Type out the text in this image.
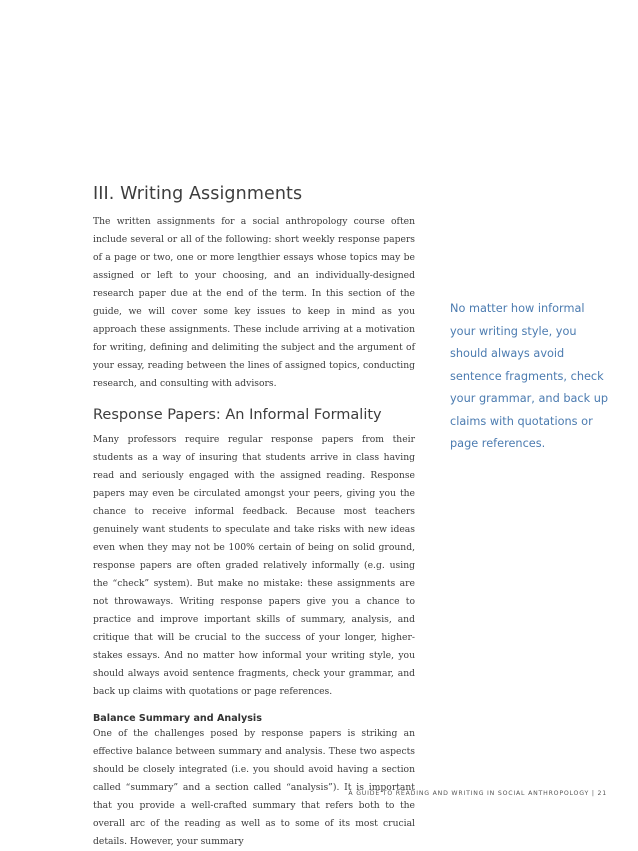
III. Writing Assignments

The written assignments for a social anthropology course often include several or all of the following: short weekly response papers of a page or two, one or more lengthier essays whose topics may be assigned or left to your choosing, and an individually-designed research paper due at the end of the term. In this section of the guide, we will cover some key issues to keep in mind as you approach these assignments. These include arriving at a motivation for writing, defining and delimiting the subject and the argument of your essay, reading between the lines of assigned topics, conducting research, and consulting with advisors.

Response Papers: An Informal Formality

Many professors require regular response papers from their students as a way of insuring that students arrive in class having read and seriously engaged with the assigned reading. Response papers may even be circulated amongst your peers, giving you the chance to receive informal feedback. Because most teachers genuinely want students to speculate and take risks with new ideas even when they may not be 100% certain of being on solid ground, response papers are often graded relatively informally (e.g. using the “check” system). But make no mistake: these assignments are not throwaways. Writing response papers give you a chance to practice and improve important skills of summary, analysis, and critique that will be crucial to the success of your longer, higher-stakes essays. And no matter how informal your writing style, you should always avoid sentence fragments, check your grammar, and back up claims with quotations or page references.

Balance Summary and Analysis

One of the challenges posed by response papers is striking an effective balance between summary and analysis. These two aspects should be closely integrated (i.e. you should avoid having a section called “summary” and a section called “analysis”). It is important that you provide a well-crafted summary that refers both to the overall arc of the reading as well as to some of its most crucial details. However, your summary

No matter how informal your writing style, you should always avoid sentence fragments, check your grammar, and back up claims with quotations or page references.
A GUIDE TO READING AND WRITING IN SOCIAL ANTHROPOLOGY | 21
